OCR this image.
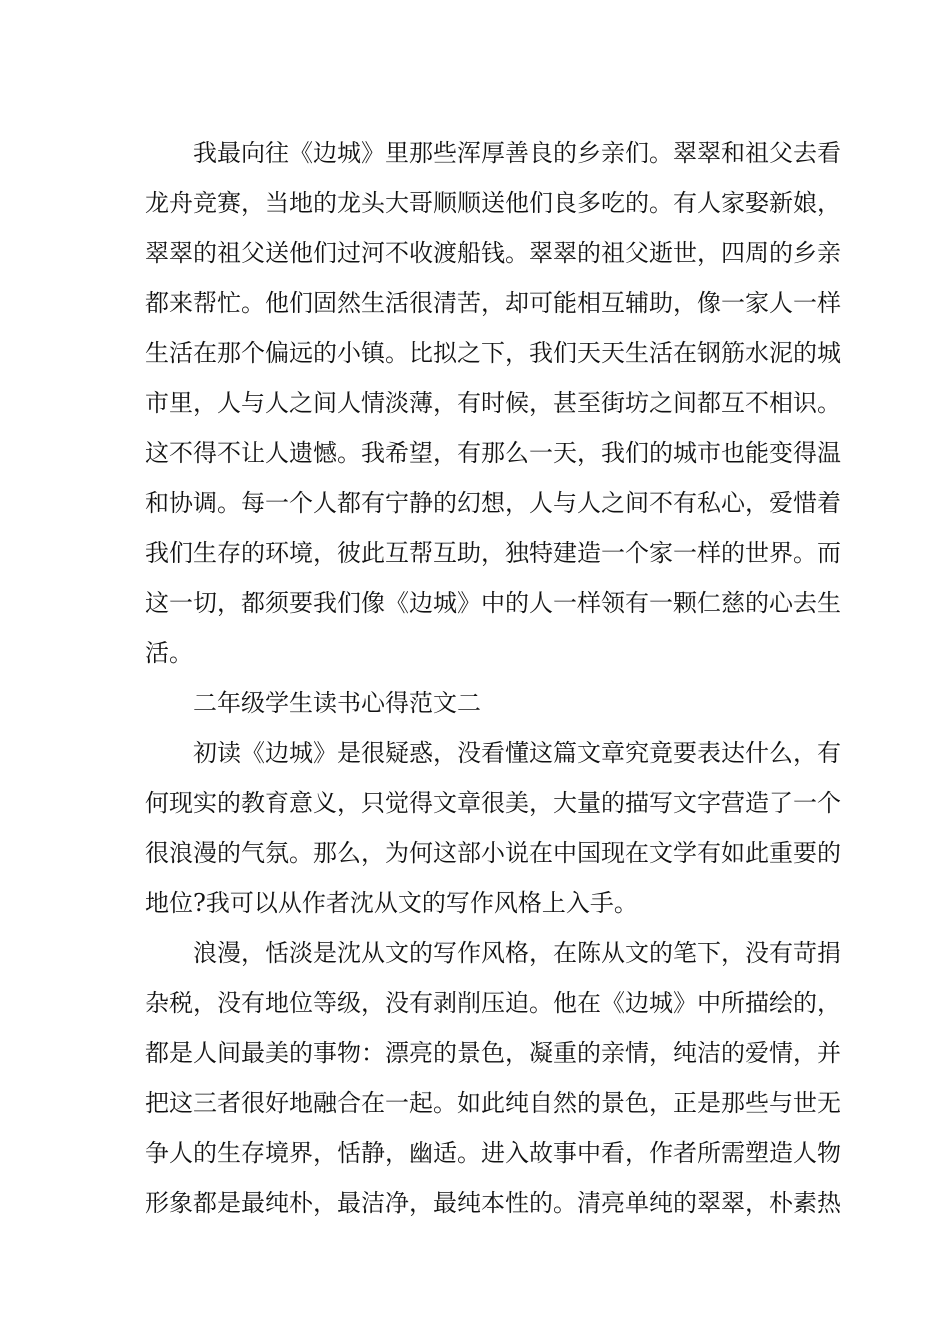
我最向往《边城》里那些浑厚善良的乡亲们。翠翠和祖父去看
龙舟竞赛，当地的龙头大哥顺顺送他们良多吃的。有人家娶新娘，
翠翠的祖父送他们过河不收渡船钱。翠翠的祖父逝世，四周的乡亲
都来帮忙。他们固然生活很清苦，却可能相互辅助，像一家人一样
生活在那个偏远的小镇。比拟之下，我们天天生活在钢筋水泥的城
市里，人与人之间人情淡薄，有时候，甚至街坊之间都互不相识。
这不得不让人遗憾。我希望，有那么一天，我们的城市也能变得温
和协调。每一个人都有宁静的幻想，人与人之间不有私心，爱惜着
我们生存的环境，彼此互帮互助，独特建造一个家一样的世界。而
这一切，都须要我们像《边城》中的人一样领有一颗仁慈的心去生
活。

二年级学生读书心得范文二

初读《边城》是很疑惑，没看懂这篇文章究竟要表达什么，有
何现实的教育意义，只觉得文章很美，大量的描写文字营造了一个
很浪漫的气氛。那么，为何这部小说在中国现在文学有如此重要的
地位?我可以从作者沈从文的写作风格上入手。

浪漫，恬淡是沈从文的写作风格，在陈从文的笔下，没有苛捐
杂税，没有地位等级，没有剥削压迫。他在《边城》中所描绘的，
都是人间最美的事物：漂亮的景色，凝重的亲情，纯洁的爱情，并
把这三者很好地融合在一起。如此纯自然的景色，正是那些与世无
争人的生存境界，恬静，幽适。进入故事中看，作者所需塑造人物
形象都是最纯朴，最洁净，最纯本性的。清亮单纯的翠翠，朴素热
